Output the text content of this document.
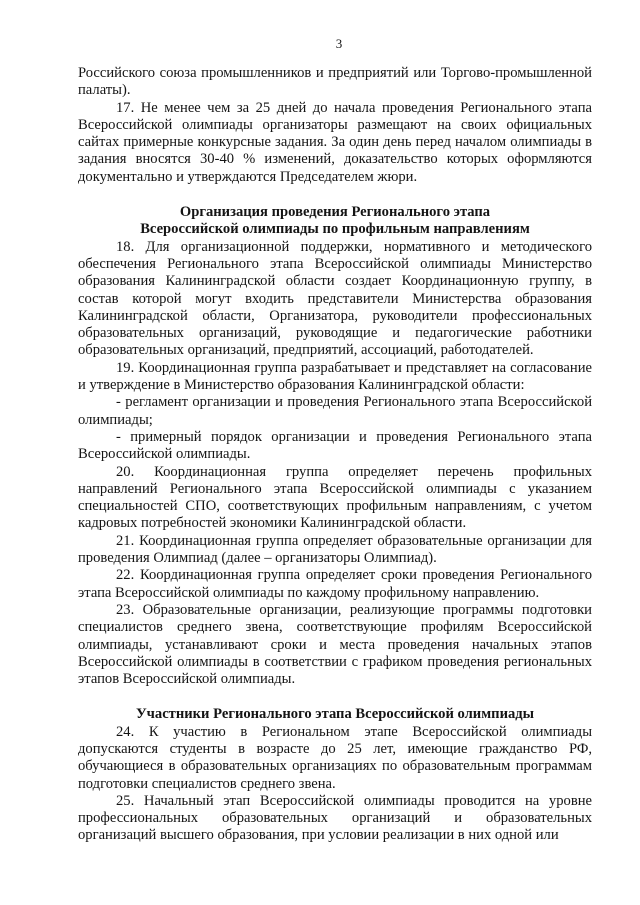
3

Российского союза промышленников и предприятий или Торгово-промышленной палаты).

17. Не менее чем за 25 дней до начала проведения Регионального этапа Всероссийской олимпиады организаторы размещают на своих официальных сайтах примерные конкурсные задания. За один день перед началом олимпиады в задания вносятся 30-40 % изменений, доказательство которых оформляются документально и утверждаются Председателем жюри.

Организация проведения Регионального этапа
Всероссийской олимпиады по профильным направлениям

18. Для организационной поддержки, нормативного и методического обеспечения Регионального этапа Всероссийской олимпиады Министерство образования Калининградской области создает Координационную группу, в состав которой могут входить представители Министерства образования Калининградской области, Организатора, руководители профессиональных образовательных организаций, руководящие и педагогические работники образовательных организаций, предприятий, ассоциаций, работодателей.

19. Координационная группа разрабатывает и представляет на согласование и утверждение в Министерство образования Калининградской области:

- регламент организации и проведения Регионального этапа Всероссийской олимпиады;

- примерный порядок организации и проведения Регионального этапа Всероссийской олимпиады.

20. Координационная группа определяет перечень профильных направлений Регионального этапа Всероссийской олимпиады с указанием специальностей СПО, соответствующих профильным направлениям, с учетом кадровых потребностей экономики Калининградской области.

21. Координационная группа определяет образовательные организации для проведения Олимпиад (далее – организаторы Олимпиад).

22. Координационная группа определяет сроки проведения Регионального этапа Всероссийской олимпиады по каждому профильному направлению.

23. Образовательные организации, реализующие программы подготовки специалистов среднего звена, соответствующие профилям Всероссийской олимпиады, устанавливают сроки и места проведения начальных этапов Всероссийской олимпиады в соответствии с графиком проведения региональных этапов Всероссийской олимпиады.

Участники Регионального этапа Всероссийской олимпиады

24. К участию в Региональном этапе Всероссийской олимпиады допускаются студенты в возрасте до 25 лет, имеющие гражданство РФ, обучающиеся в образовательных организациях по образовательным программам подготовки специалистов среднего звена.

25. Начальный этап Всероссийской олимпиады проводится на уровне профессиональных образовательных организаций и образовательных организаций высшего образования, при условии реализации в них одной или
